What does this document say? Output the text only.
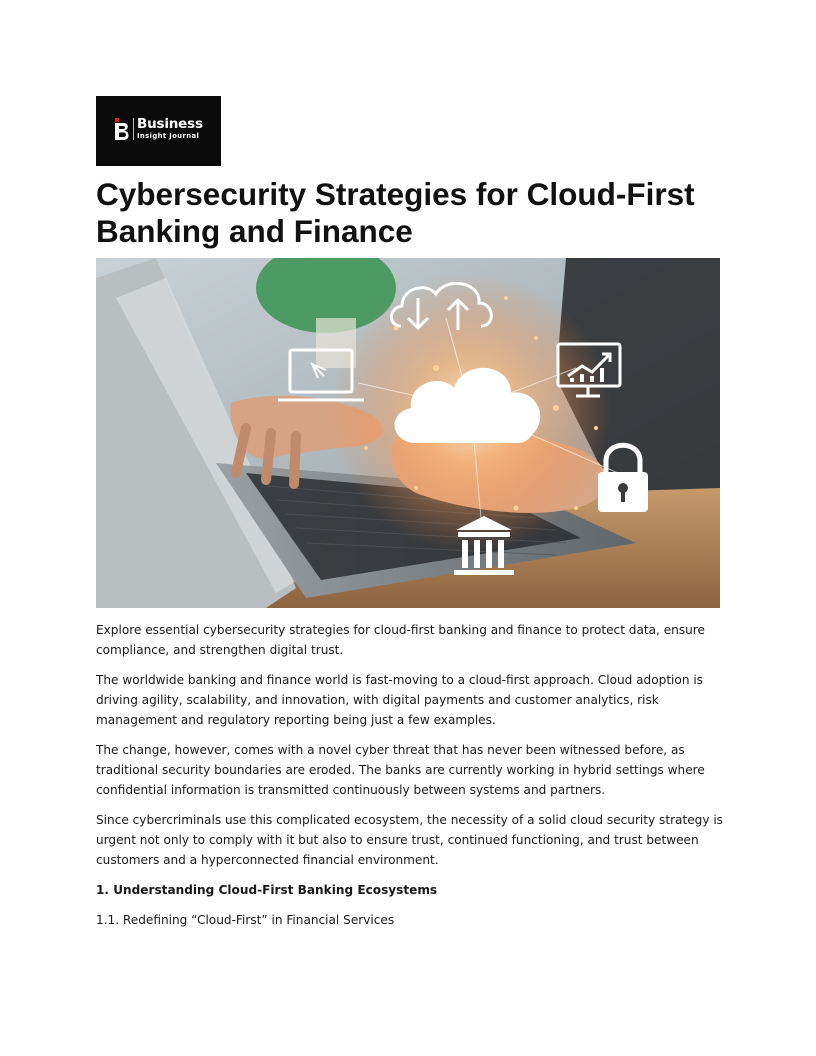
Business
Insight Journal
Cybersecurity Strategies for Cloud-First Banking and Finance

Explore essential cybersecurity strategies for cloud-first banking and finance to protect data, ensure compliance, and strengthen digital trust.

The worldwide banking and finance world is fast-moving to a cloud-first approach. Cloud adoption is driving agility, scalability, and innovation, with digital payments and customer analytics, risk management and regulatory reporting being just a few examples.

The change, however, comes with a novel cyber threat that has never been witnessed before, as traditional security boundaries are eroded. The banks are currently working in hybrid settings where confidential information is transmitted continuously between systems and partners.

Since cybercriminals use this complicated ecosystem, the necessity of a solid cloud security strategy is urgent not only to comply with it but also to ensure trust, continued functioning, and trust between customers and a hyperconnected financial environment.

1. Understanding Cloud-First Banking Ecosystems

1.1. Redefining “Cloud-First” in Financial Services
